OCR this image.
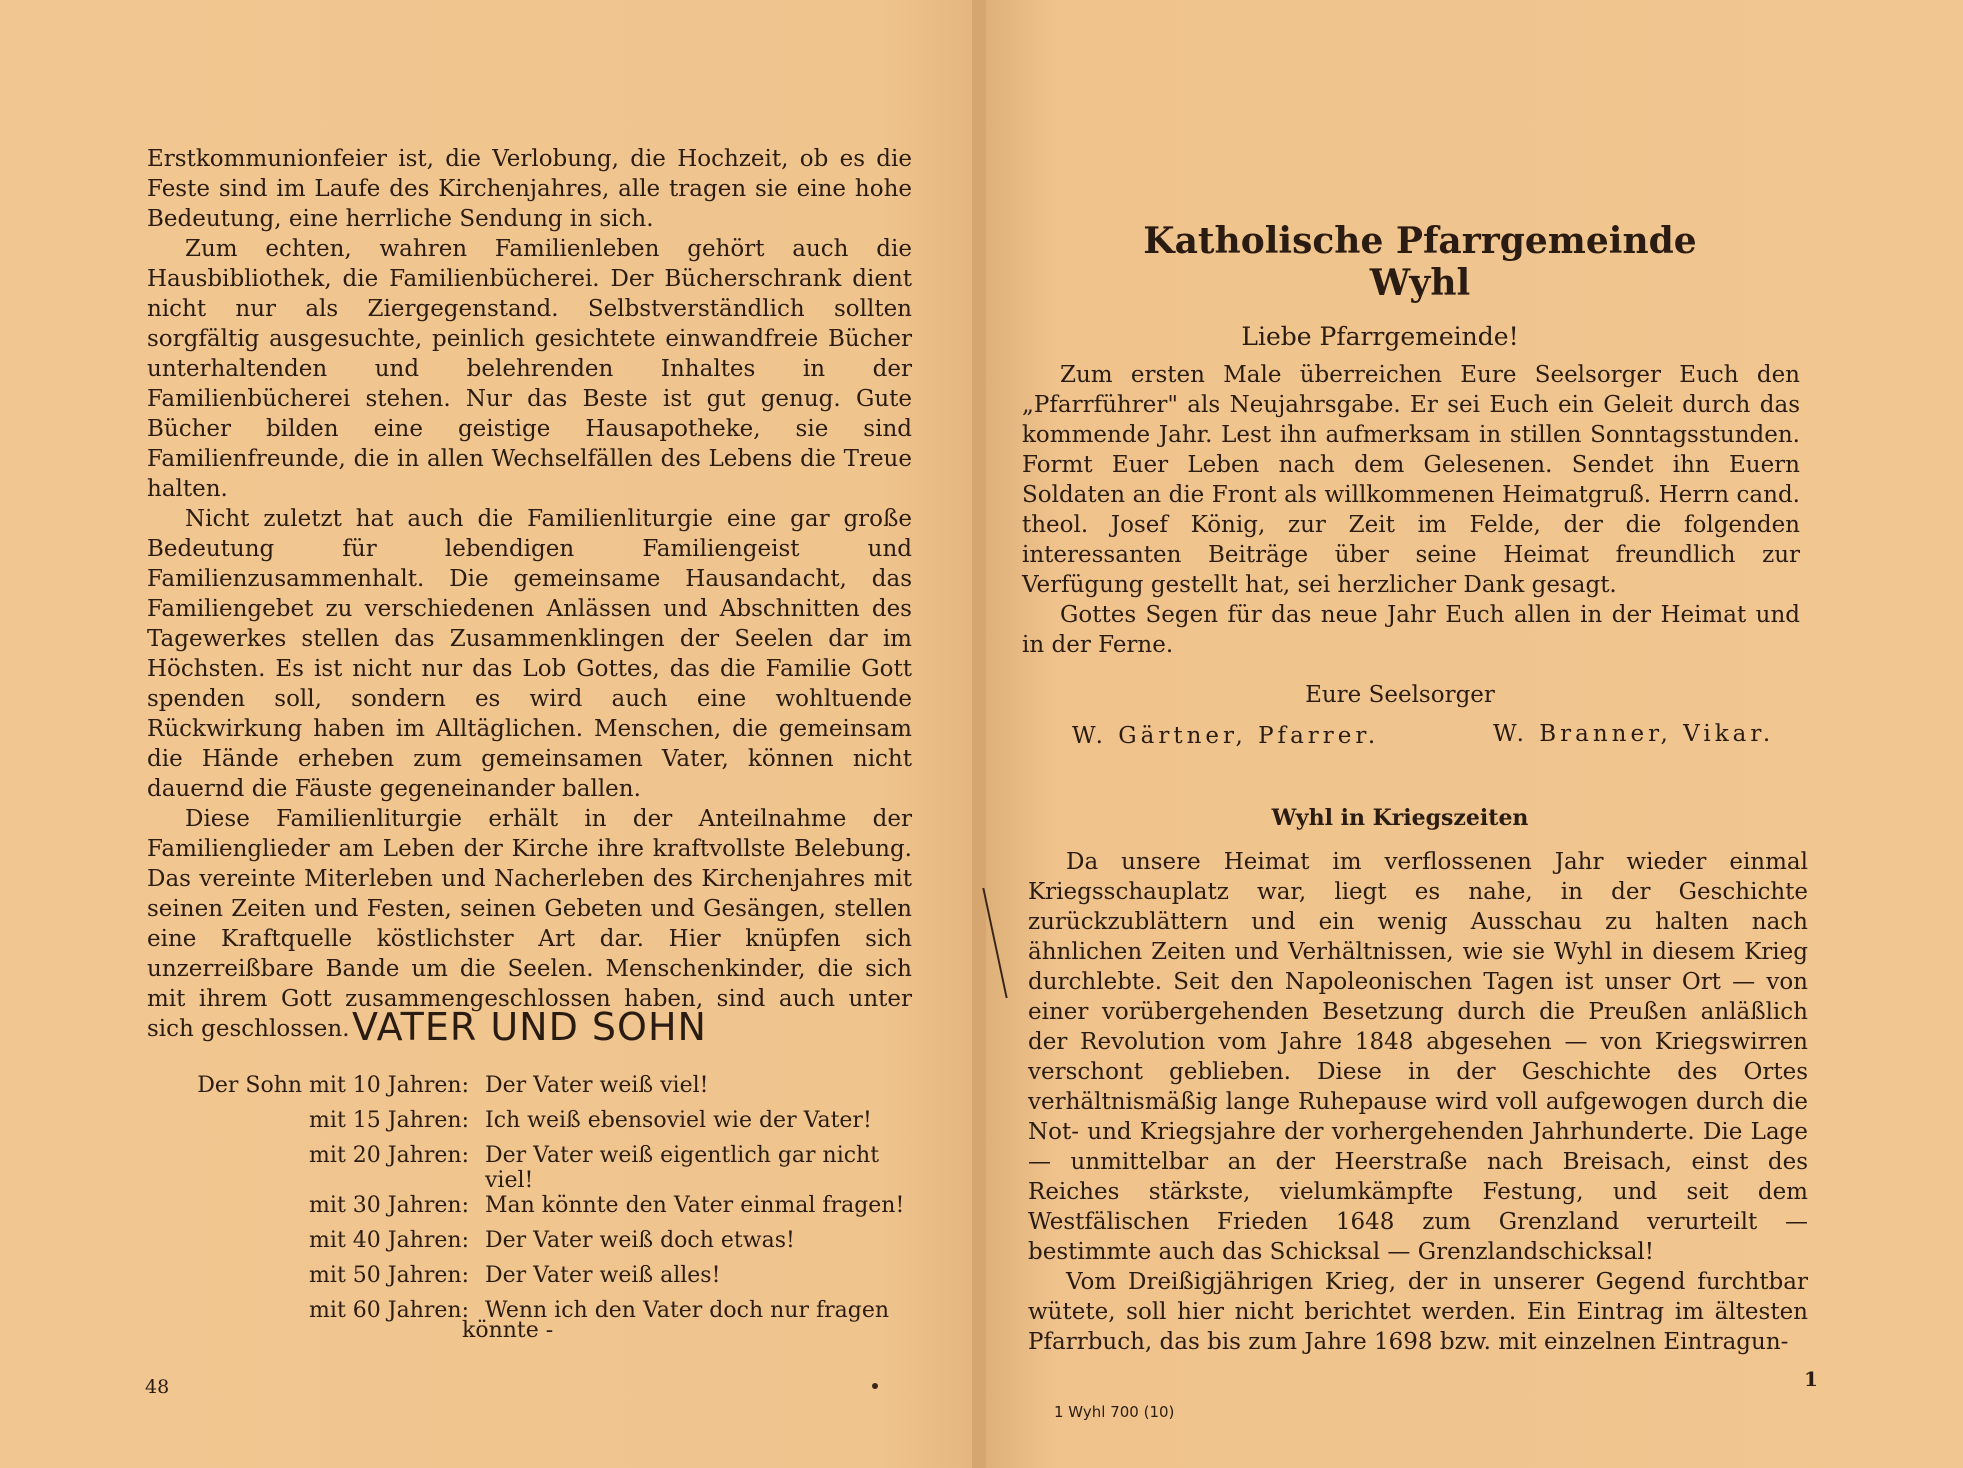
Erstkommunionfeier ist, die Verlobung, die Hochzeit, ob es die Feste sind im Laufe des Kirchenjahres, alle tragen sie eine hohe Bedeutung, eine herrliche Sendung in sich.

Zum echten, wahren Familienleben gehört auch die Hausbibliothek, die Familienbücherei. Der Bücherschrank dient nicht nur als Ziergegenstand. Selbstverständlich sollten sorgfältig ausgesuchte, peinlich gesichtete einwandfreie Bücher unterhaltenden und belehrenden Inhaltes in der Familienbücherei stehen. Nur das Beste ist gut genug. Gute Bücher bilden eine geistige Hausapotheke, sie sind Familienfreunde, die in allen Wechselfällen des Lebens die Treue halten.

Nicht zuletzt hat auch die Familienliturgie eine gar große Bedeutung für lebendigen Familiengeist und Familienzusammenhalt. Die gemeinsame Hausandacht, das Familiengebet zu verschiedenen Anlässen und Abschnitten des Tagewerkes stellen das Zusammenklingen der Seelen dar im Höchsten. Es ist nicht nur das Lob Gottes, das die Familie Gott spenden soll, sondern es wird auch eine wohltuende Rückwirkung haben im Alltäglichen. Menschen, die gemeinsam die Hände erheben zum gemeinsamen Vater, können nicht dauernd die Fäuste gegeneinander ballen.

Diese Familienliturgie erhält in der Anteilnahme der Familienglieder am Leben der Kirche ihre kraftvollste Belebung. Das vereinte Miterleben und Nacherleben des Kirchenjahres mit seinen Zeiten und Festen, seinen Gebeten und Gesängen, stellen eine Kraftquelle köstlichster Art dar. Hier knüpfen sich unzerreißbare Bande um die Seelen. Menschenkinder, die sich mit ihrem Gott zusammengeschlossen haben, sind auch unter sich geschlossen. VATER UND SOHN
Der Sohn mit 10 Jahren:	Der Vater weiß viel!
mit 15 Jahren:	Ich weiß ebensoviel wie der Vater!
mit 20 Jahren:	Der Vater weiß eigentlich gar nicht viel!
mit 30 Jahren:	Man könnte den Vater einmal fragen!
mit 40 Jahren:	Der Vater weiß doch etwas!
mit 50 Jahren:	Der Vater weiß alles!
mit 60 Jahren:	Wenn ich den Vater doch nur fragen
könnte -
48
Katholische Pfarrgemeinde Wyhl

Liebe Pfarrgemeinde!

Zum ersten Male überreichen Eure Seelsorger Euch den „Pfarrführer" als Neujahrsgabe. Er sei Euch ein Geleit durch das kommende Jahr. Lest ihn aufmerksam in stillen Sonntagsstunden. Formt Euer Leben nach dem Gelesenen. Sendet ihn Euern Soldaten an die Front als willkommenen Heimatgruß. Herrn cand. theol. Josef König, zur Zeit im Felde, der die folgenden interessanten Beiträge über seine Heimat freundlich zur Verfügung gestellt hat, sei herzlicher Dank gesagt.

Gottes Segen für das neue Jahr Euch allen in der Heimat und in der Ferne.

Eure Seelsorger

W. Gärtner, Pfarrer.	W. Branner, Vikar.

Wyhl in Kriegszeiten

Da unsere Heimat im verflossenen Jahr wieder einmal Kriegsschauplatz war, liegt es nahe, in der Geschichte zurückzublättern und ein wenig Ausschau zu halten nach ähnlichen Zeiten und Verhältnissen, wie sie Wyhl in diesem Krieg durchlebte. Seit den Napoleonischen Tagen ist unser Ort — von einer vorübergehenden Besetzung durch die Preußen anläßlich der Revolution vom Jahre 1848 abgesehen — von Kriegswirren verschont geblieben. Diese in der Geschichte des Ortes verhältnismäßig lange Ruhepause wird voll aufgewogen durch die Not- und Kriegsjahre der vorhergehenden Jahrhunderte. Die Lage — unmittelbar an der Heerstraße nach Breisach, einst des Reiches stärkste, vielumkämpfte Festung, und seit dem Westfälischen Frieden 1648 zum Grenzland verurteilt — bestimmte auch das Schicksal — Grenzlandschicksal!

Vom Dreißigjährigen Krieg, der in unserer Gegend furchtbar wütete, soll hier nicht berichtet werden. Ein Eintrag im ältesten Pfarrbuch, das bis zum Jahre 1698 bzw. mit einzelnen Eintragun-

1
1 Wyhl 700 (10)
